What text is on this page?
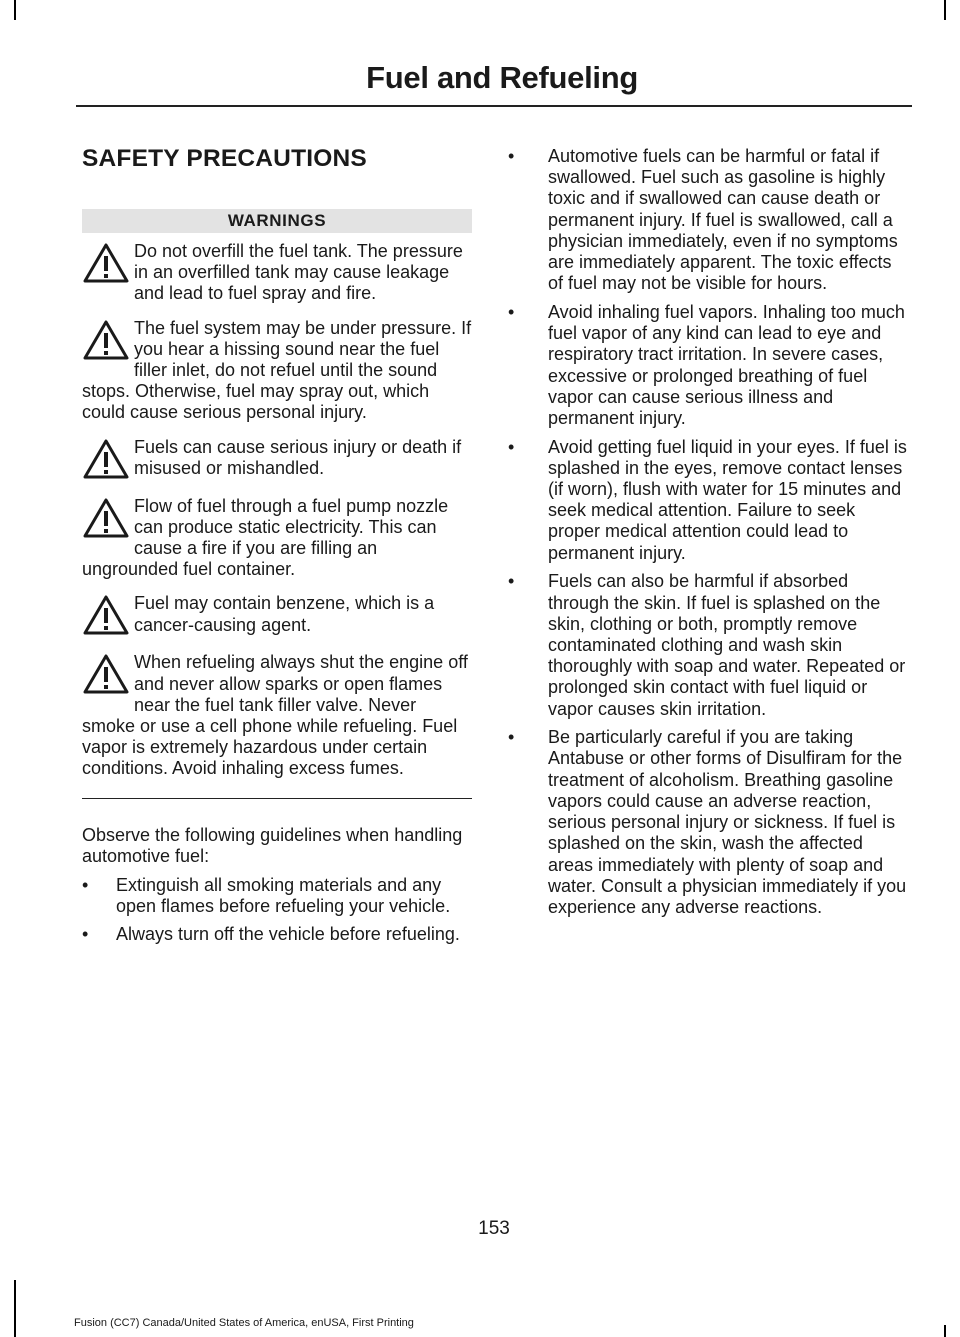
Fuel and Refueling
SAFETY PRECAUTIONS
WARNINGS
Do not overfill the fuel tank. The pressure in an overfilled tank may cause leakage and lead to fuel spray and fire.
The fuel system may be under pressure. If you hear a hissing sound near the fuel filler inlet, do not refuel until the sound stops. Otherwise, fuel may spray out, which could cause serious personal injury.
Fuels can cause serious injury or death if misused or mishandled.
Flow of fuel through a fuel pump nozzle can produce static electricity. This can cause a fire if you are filling an ungrounded fuel container.
Fuel may contain benzene, which is a cancer-causing agent.
When refueling always shut the engine off and never allow sparks or open flames near the fuel tank filler valve. Never smoke or use a cell phone while refueling. Fuel vapor is extremely hazardous under certain conditions. Avoid inhaling excess fumes.

Observe the following guidelines when handling automotive fuel:

• Extinguish all smoking materials and any open flames before refueling your vehicle.
• Always turn off the vehicle before refueling.
• Automotive fuels can be harmful or fatal if swallowed. Fuel such as gasoline is highly toxic and if swallowed can cause death or permanent injury. If fuel is swallowed, call a physician immediately, even if no symptoms are immediately apparent. The toxic effects of fuel may not be visible for hours.
• Avoid inhaling fuel vapors. Inhaling too much fuel vapor of any kind can lead to eye and respiratory tract irritation. In severe cases, excessive or prolonged breathing of fuel vapor can cause serious illness and permanent injury.
• Avoid getting fuel liquid in your eyes. If fuel is splashed in the eyes, remove contact lenses (if worn), flush with water for 15 minutes and seek medical attention. Failure to seek proper medical attention could lead to permanent injury.
• Fuels can also be harmful if absorbed through the skin. If fuel is splashed on the skin, clothing or both, promptly remove contaminated clothing and wash skin thoroughly with soap and water. Repeated or prolonged skin contact with fuel liquid or vapor causes skin irritation.
• Be particularly careful if you are taking Antabuse or other forms of Disulfiram for the treatment of alcoholism. Breathing gasoline vapors could cause an adverse reaction, serious personal injury or sickness. If fuel is splashed on the skin, wash the affected areas immediately with plenty of soap and water. Consult a physician immediately if you experience any adverse reactions.
153
Fusion (CC7) Canada/United States of America, enUSA, First Printing
